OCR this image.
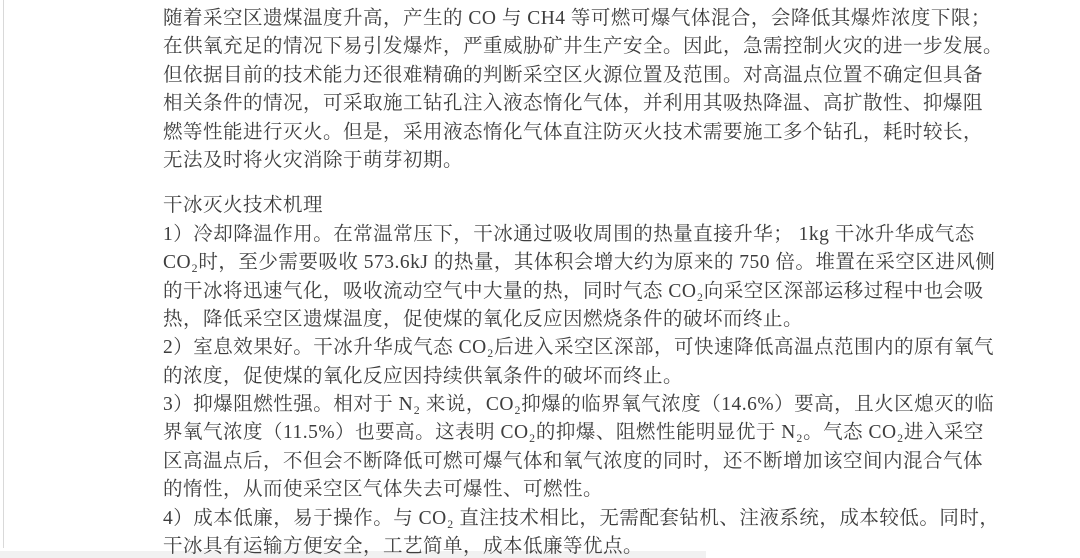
随着采空区遗煤温度升高，产生的 CO 与 CH4 等可燃可爆气体混合，会降低其爆炸浓度下限；
在供氧充足的情况下易引发爆炸，严重威胁矿井生产安全。因此，急需控制火灾的进一步发展。
但依据目前的技术能力还很难精确的判断采空区火源位置及范围。对高温点位置不确定但具备
相关条件的情况，可采取施工钻孔注入液态惰化气体，并利用其吸热降温、高扩散性、抑爆阻
燃等性能进行灭火。但是，采用液态惰化气体直注防灭火技术需要施工多个钻孔，耗时较长，
无法及时将火灾消除于萌芽初期。
干冰灭火技术机理
1）冷却降温作用。在常温常压下，干冰通过吸收周围的热量直接升华； 1kg 干冰升华成气态
CO₂时，至少需要吸收 573.6kJ 的热量，其体积会增大约为原来的 750 倍。堆置在采空区进风侧
的干冰将迅速气化，吸收流动空气中大量的热，同时气态 CO₂向采空区深部运移过程中也会吸
热，降低采空区遗煤温度，促使煤的氧化反应因燃烧条件的破坏而终止。
2）室息效果好。干冰升华成气态 CO₂后进入采空区深部，可快速降低高温点范围内的原有氧气
的浓度，促使煤的氧化反应因持续供氧条件的破坏而终止。
3）抑爆阻燃性强。相对于 N₂ 来说，CO₂抑爆的临界氧气浓度（14.6%）要高，且火区熄灭的临
界氧气浓度（11.5%）也要高。这表明 CO₂的抑爆、阻燃性能明显优于 N₂。气态 CO₂进入采空
区高温点后，不但会不断降低可燃可爆气体和氧气浓度的同时，还不断增加该空间内混合气体
的惰性，从而使采空区气体失去可爆性、可燃性。
4）成本低廉，易于操作。与 CO₂ 直注技术相比，无需配套钻机、注液系统，成本较低。同时，
干冰具有运输方便安全，工艺简单，成本低廉等优点。
